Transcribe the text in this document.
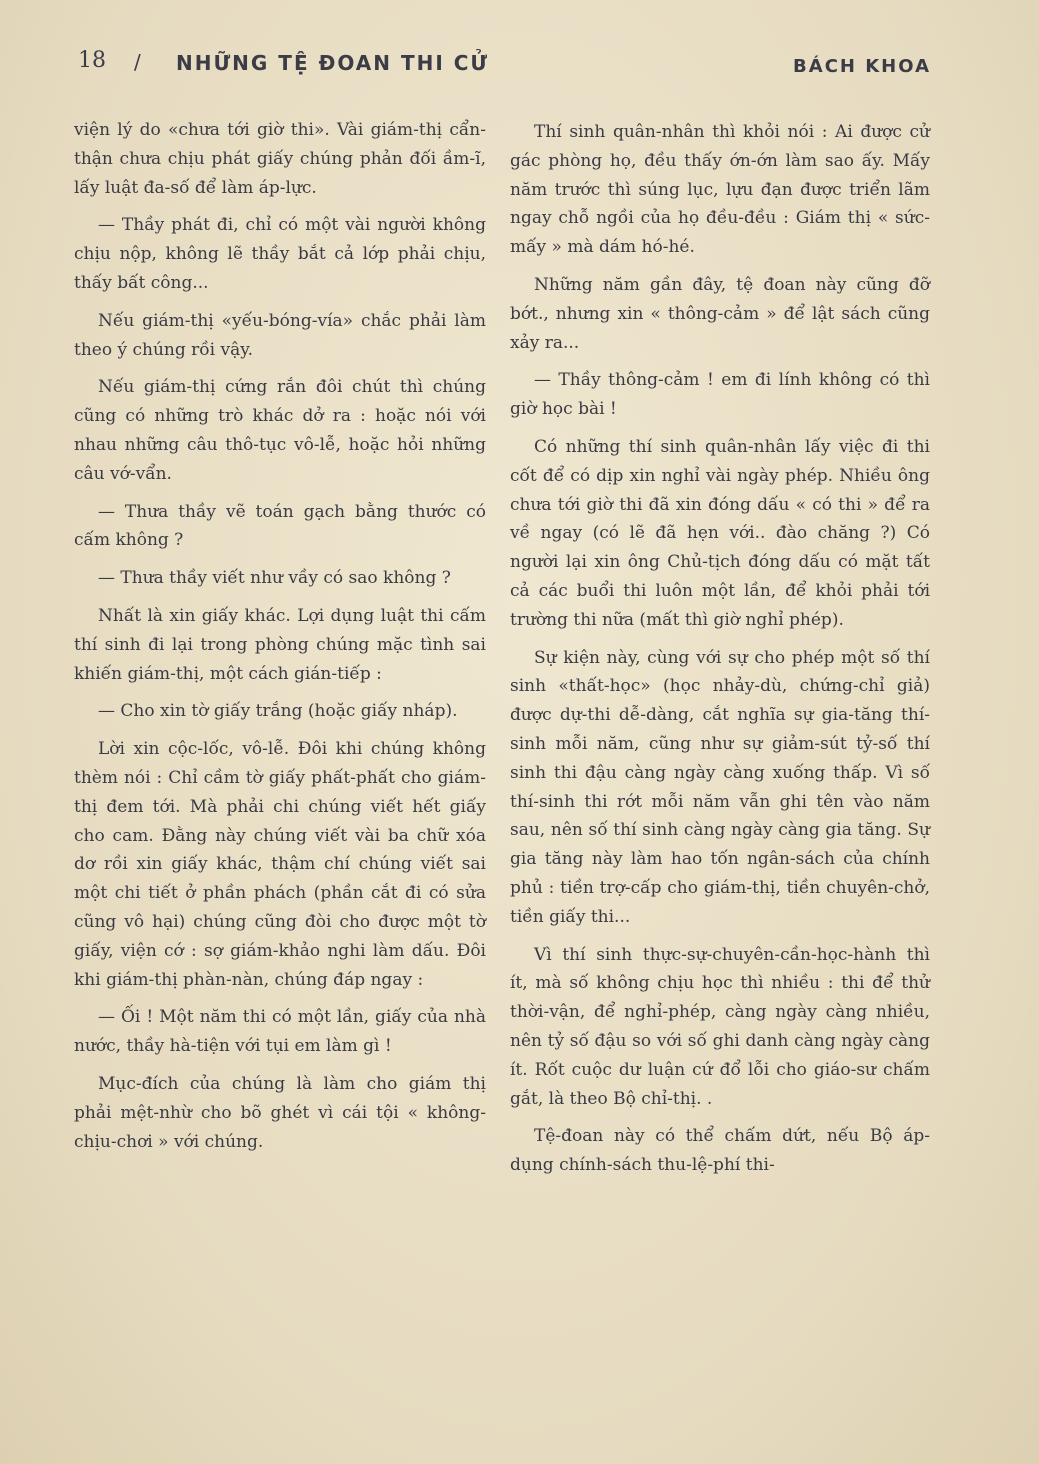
18 / NHỮNG TỆ ĐOAN THI CỬ	BÁCH KHOA

viện lý do «chưa tới giờ thi». Vài giám-thị cẩn-thận chưa chịu phát giấy chúng phản đối ầm-ĩ, lấy luật đa-số để làm áp-lực.

— Thầy phát đi, chỉ có một vài người không chịu nộp, không lẽ thầy bắt cả lớp phải chịu, thấy bất công...

Nếu giám-thị «yếu-bóng-vía» chắc phải làm theo ý chúng rồi vậy.

Nếu giám-thị cứng rắn đôi chút thì chúng cũng có những trò khác dở ra : hoặc nói với nhau những câu thô-tục vô-lễ, hoặc hỏi những câu vớ-vẩn.

— Thưa thầy vẽ toán gạch bằng thước có cấm không ?

— Thưa thầy viết như vầy có sao không ?

Nhất là xin giấy khác. Lợi dụng luật thi cấm thí sinh đi lại trong phòng chúng mặc tình sai khiến giám-thị, một cách gián-tiếp :

— Cho xin tờ giấy trắng (hoặc giấy nháp).

Lời xin cộc-lốc, vô-lễ. Đôi khi chúng không thèm nói : Chỉ cầm tờ giấy phất-phất cho giám-thị đem tới. Mà phải chi chúng viết hết giấy cho cam. Đằng này chúng viết vài ba chữ xóa dơ rồi xin giấy khác, thậm chí chúng viết sai một chi tiết ở phần phách (phần cắt đi có sửa cũng vô hại) chúng cũng đòi cho được một tờ giấy, viện cớ : sợ giám-khảo nghi làm dấu. Đôi khi giám-thị phàn-nàn, chúng đáp ngay :

— Ối ! Một năm thi có một lần, giấy của nhà nước, thầy hà-tiện với tụi em làm gì !

Mục-đích của chúng là làm cho giám thị phải mệt-nhừ cho bõ ghét vì cái tội « không-chịu-chơi » với chúng.

Thí sinh quân-nhân thì khỏi nói : Ai được cử gác phòng họ, đều thấy ớn-ớn làm sao ấy. Mấy năm trước thì súng lục, lựu đạn được triển lãm ngay chỗ ngồi của họ đều-đều : Giám thị « sức-mấy » mà dám hó-hé.

Những năm gần đây, tệ đoan này cũng đỡ bớt., nhưng xin « thông-cảm » để lật sách cũng xảy ra...

— Thầy thông-cảm ! em đi lính không có thì giờ học bài !

Có những thí sinh quân-nhân lấy việc đi thi cốt để có dịp xin nghỉ vài ngày phép. Nhiều ông chưa tới giờ thi đã xin đóng dấu « có thi » để ra về ngay (có lẽ đã hẹn với.. đào chăng ?) Có người lại xin ông Chủ-tịch đóng dấu có mặt tất cả các buổi thi luôn một lần, để khỏi phải tới trường thi nữa (mất thì giờ nghỉ phép).

Sự kiện này, cùng với sự cho phép một số thí sinh «thất-học» (học nhảy-dù, chứng-chỉ giả) được dự-thi dễ-dàng, cắt nghĩa sự gia-tăng thí-sinh mỗi năm, cũng như sự giảm-sút tỷ-số thí sinh thi đậu càng ngày càng xuống thấp. Vì số thí-sinh thi rớt mỗi năm vẫn ghi tên vào năm sau, nên số thí sinh càng ngày càng gia tăng. Sự gia tăng này làm hao tốn ngân-sách của chính phủ : tiền trợ-cấp cho giám-thị, tiền chuyên-chở, tiền giấy thi...

Vì thí sinh thực-sự-chuyên-cần-học-hành thì ít, mà số không chịu học thì nhiều : thi để thử thời-vận, để nghỉ-phép, càng ngày càng nhiều, nên tỷ số đậu so với số ghi danh càng ngày càng ít. Rốt cuộc dư luận cứ đổ lỗi cho giáo-sư chấm gắt, là theo Bộ chỉ-thị. .

Tệ-đoan này có thể chấm dứt, nếu Bộ áp-dụng chính-sách thu-lệ-phí thi-
